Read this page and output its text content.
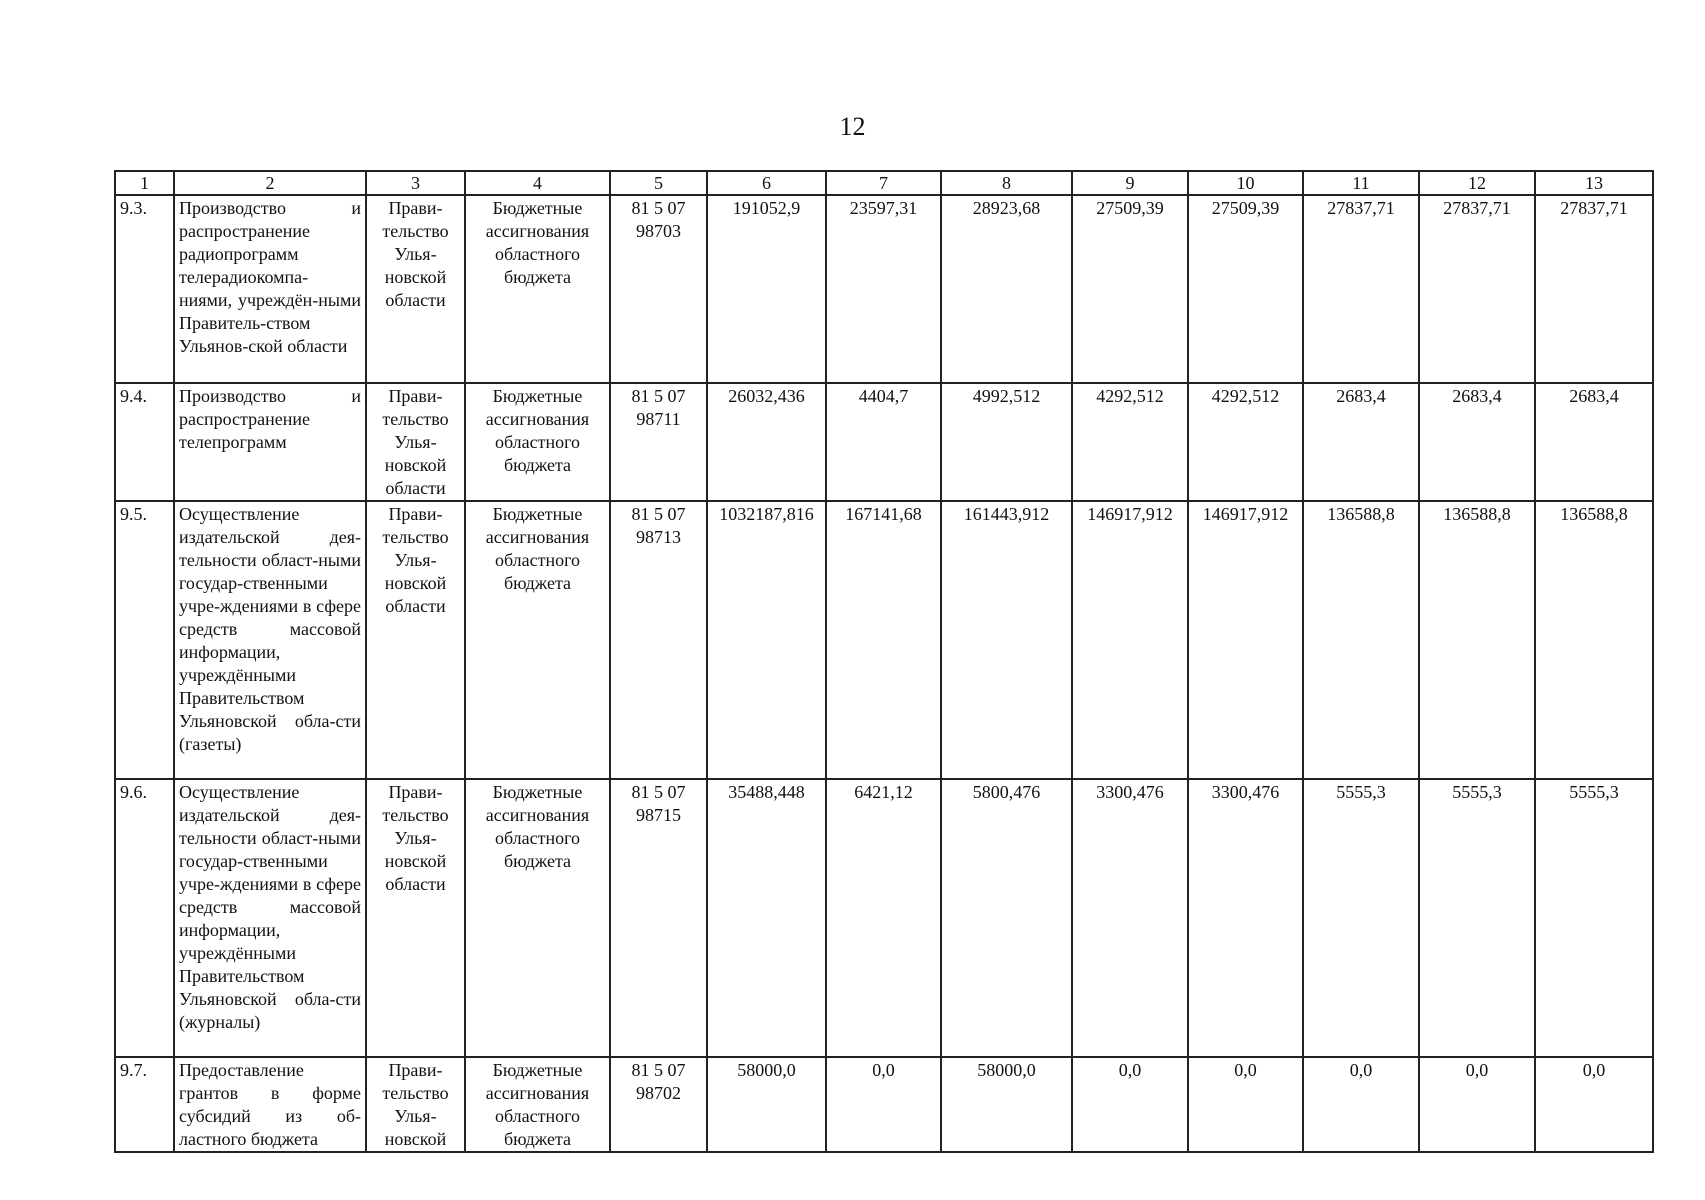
12
1	2	3	4	5	6	7	8	9	10	11	12	13
9.3.	Производство и распространение радиопрограмм телерадиокомпа-ниями, учреждён-ными Правитель-ством Ульянов-ской области	Прави-
тельство
Улья-
новской
области	Бюджетные
ассигнования
областного
бюджета	81 5 07
98703	191052,9	23597,31	28923,68	27509,39	27509,39	27837,71	27837,71	27837,71
9.4.	Производство и распространение телепрограмм	Прави-
тельство
Улья-
новской
области	Бюджетные
ассигнования
областного
бюджета	81 5 07
98711	26032,436	4404,7	4992,512	4292,512	4292,512	2683,4	2683,4	2683,4
9.5.	Осуществление издательской дея-тельности област-ными государ-ственными учре-ждениями в сфере средств массовой информации, учреждёнными Правительством Ульяновской обла-сти (газеты)	Прави-
тельство
Улья-
новской
области	Бюджетные
ассигнования
областного
бюджета	81 5 07
98713	1032187,816	167141,68	161443,912	146917,912	146917,912	136588,8	136588,8	136588,8
9.6.	Осуществление издательской дея-тельности област-ными государ-ственными учре-ждениями в сфере средств массовой информации, учреждёнными Правительством Ульяновской обла-сти (журналы)	Прави-
тельство
Улья-
новской
области	Бюджетные
ассигнования
областного
бюджета	81 5 07
98715	35488,448	6421,12	5800,476	3300,476	3300,476	5555,3	5555,3	5555,3
9.7.	Предоставление грантов в форме субсидий из об-ластного бюджета	Прави-
тельство
Улья-
новской	Бюджетные
ассигнования
областного
бюджета	81 5 07
98702	58000,0	0,0	58000,0	0,0	0,0	0,0	0,0	0,0
